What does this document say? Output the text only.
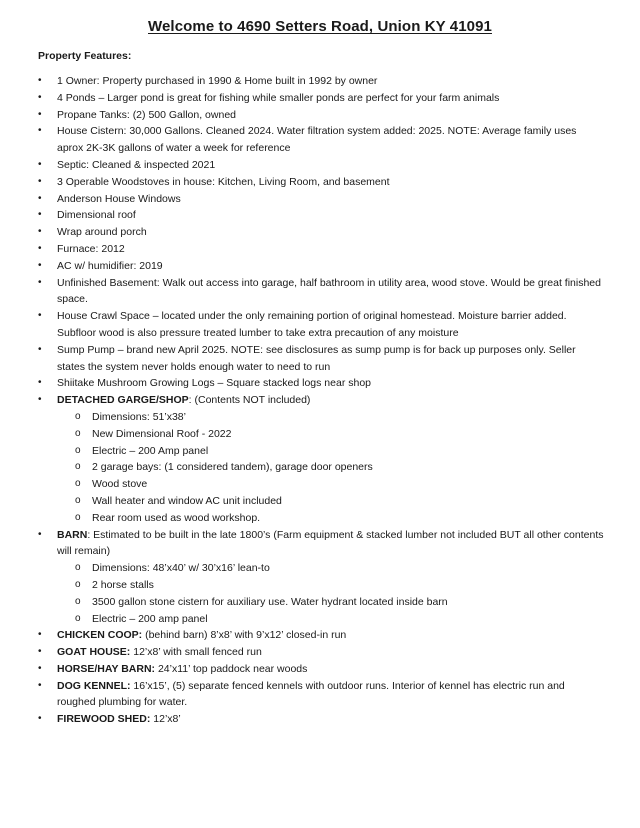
Welcome to 4690 Setters Road, Union KY 41091
Property Features:
•	1 Owner: Property purchased in 1990 & Home built in 1992 by owner
•	4 Ponds – Larger pond is great for fishing while smaller ponds are perfect for your farm animals
•	Propane Tanks: (2) 500 Gallon, owned
•	House Cistern: 30,000 Gallons. Cleaned 2024. Water filtration system added: 2025. NOTE: Average family uses aprox 2K-3K gallons of water a week for reference
•	Septic: Cleaned & inspected 2021
•	3 Operable Woodstoves in house: Kitchen, Living Room, and basement
•	Anderson House Windows
•	Dimensional roof
•	Wrap around porch
•	Furnace: 2012
•	AC w/ humidifier: 2019
•	Unfinished Basement: Walk out access into garage, half bathroom in utility area, wood stove. Would be great finished space.
•	House Crawl Space – located under the only remaining portion of original homestead. Moisture barrier added. Subfloor wood is also pressure treated lumber to take extra precaution of any moisture
•	Sump Pump – brand new April 2025. NOTE: see disclosures as sump pump is for back up purposes only. Seller states the system never holds enough water to need to run
•	Shiitake Mushroom Growing Logs – Square stacked logs near shop
•	DETACHED GARGE/SHOP: (Contents NOT included)
o Dimensions: 51’x38’
o New Dimensional Roof - 2022
o Electric – 200 Amp panel
o 2 garage bays: (1 considered tandem), garage door openers
o Wood stove
o Wall heater and window AC unit included
o Rear room used as wood workshop.
•	BARN: Estimated to be built in the late 1800’s (Farm equipment & stacked lumber not included BUT all other contents will remain)
o Dimensions: 48’x40’ w/ 30’x16’ lean-to
o 2 horse stalls
o 3500 gallon stone cistern for auxiliary use. Water hydrant located inside barn
o Electric – 200 amp panel
•	CHICKEN COOP: (behind barn) 8’x8’ with 9’x12’ closed-in run
•	GOAT HOUSE: 12’x8’ with small fenced run
•	HORSE/HAY BARN: 24’x11’ top paddock near woods
•	DOG KENNEL: 16’x15’, (5) separate fenced kennels with outdoor runs. Interior of kennel has electric run and roughed plumbing for water.
•	FIREWOOD SHED: 12’x8’
